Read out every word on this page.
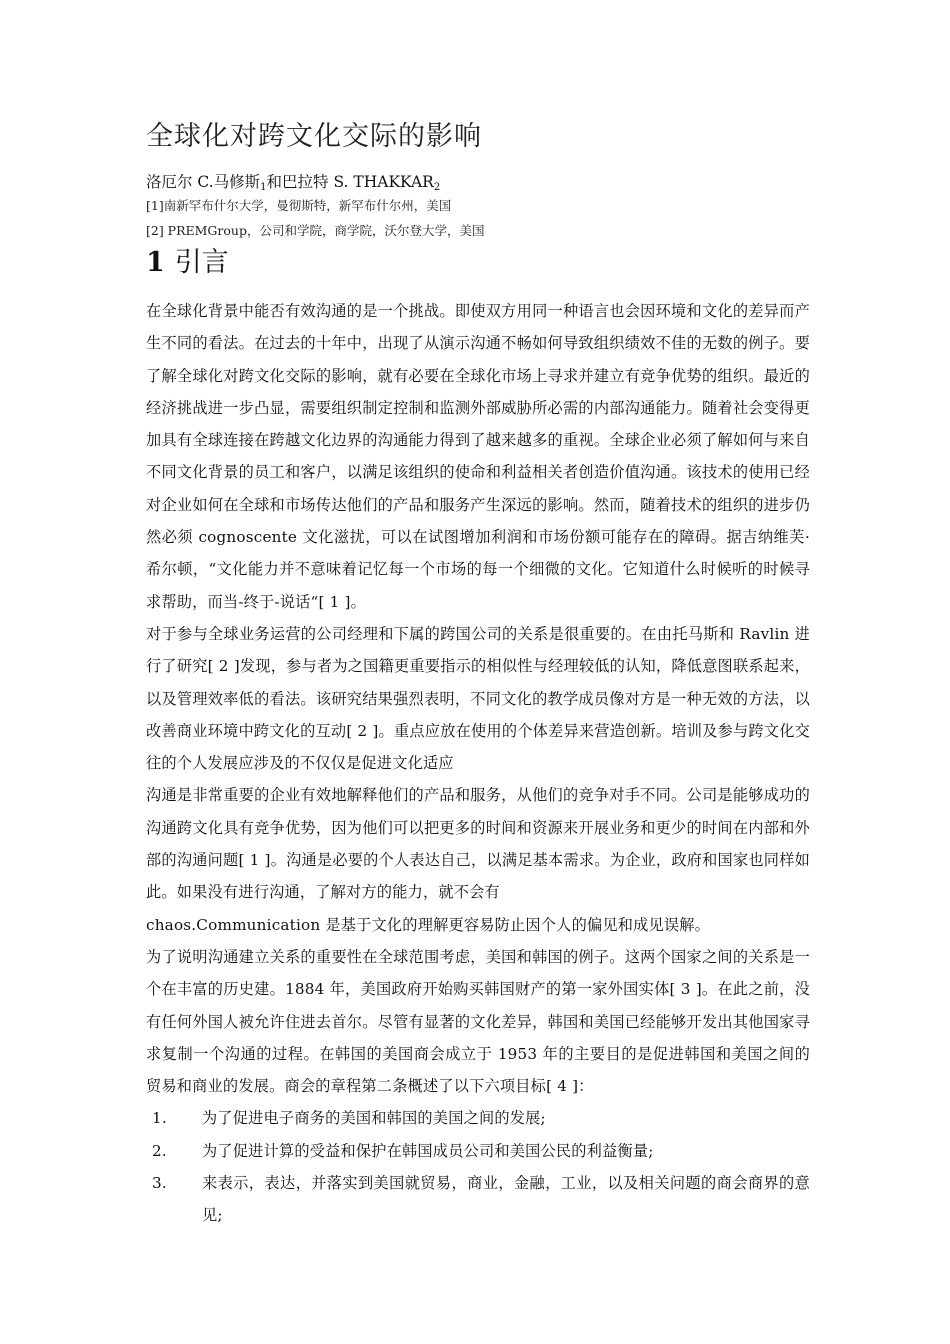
全球化对跨文化交际的影响
洛厄尔 C.马修斯$_1$和巴拉特 S. $THAKKAR_2$
[1]南新罕布什尔大学，曼彻斯特，新罕布什尔州，美国
[2] PREMGroup，公司和学院，商学院，沃尔登大学，美国
1 引言

在全球化背景中能否有效沟通的是一个挑战。即使双方用同一种语言也会因环境和文化的差异而产生不同的看法。在过去的十年中，出现了从演示沟通不畅如何导致组织绩效不佳的无数的例子。要了解全球化对跨文化交际的影响，就有必要在全球化市场上寻求并建立有竞争优势的组织。最近的经济挑战进一步凸显，需要组织制定控制和监测外部威胁所必需的内部沟通能力。随着社会变得更加具有全球连接在跨越文化边界的沟通能力得到了越来越多的重视。全球企业必须了解如何与来自不同文化背景的员工和客户，以满足该组织的使命和利益相关者创造价值沟通。该技术的使用已经对企业如何在全球和市场传达他们的产品和服务产生深远的影响。然而，随着技术的组织的进步仍然必须 cognoscente 文化滋扰，可以在试图增加利润和市场份额可能存在的障碍。据吉纳维芙·希尔顿，“文化能力并不意味着记忆每一个市场的每一个细微的文化。它知道什么时候听的时候寻求帮助，而当-终于-说话“[ 1 ]。

对于参与全球业务运营的公司经理和下属的跨国公司的关系是很重要的。在由托马斯和 Ravlin 进行了研究[ 2 ]发现，参与者为之国籍更重要指示的相似性与经理较低的认知，降低意图联系起来，以及管理效率低的看法。该研究结果强烈表明，不同文化的教学成员像对方是一种无效的方法，以改善商业环境中跨文化的互动[ 2 ]。重点应放在使用的个体差异来营造创新。培训及参与跨文化交往的个人发展应涉及的不仅仅是促进文化适应

沟通是非常重要的企业有效地解释他们的产品和服务，从他们的竞争对手不同。公司是能够成功的沟通跨文化具有竞争优势，因为他们可以把更多的时间和资源来开展业务和更少的时间在内部和外部的沟通问题[ 1 ]。沟通是必要的个人表达自己，以满足基本需求。为企业，政府和国家也同样如此。如果没有进行沟通，了解对方的能力，就不会有

chaos.Communication 是基于文化的理解更容易防止因个人的偏见和成见误解。

为了说明沟通建立关系的重要性在全球范围考虑，美国和韩国的例子。这两个国家之间的关系是一个在丰富的历史建。1884 年，美国政府开始购买韩国财产的第一家外国实体[ 3 ]。在此之前，没有任何外国人被允许住进去首尔。尽管有显著的文化差异，韩国和美国已经能够开发出其他国家寻求复制一个沟通的过程。在韩国的美国商会成立于 1953 年的主要目的是促进韩国和美国之间的贸易和商业的发展。商会的章程第二条概述了以下六项目标[ 4 ]：

1. 为了促进电子商务的美国和韩国的美国之间的发展;
2. 为了促进计算的受益和保护在韩国成员公司和美国公民的利益衡量;
3. 来表示，表达，并落实到美国就贸易，商业，金融，工业，以及相关问题的商会商界的意见;
